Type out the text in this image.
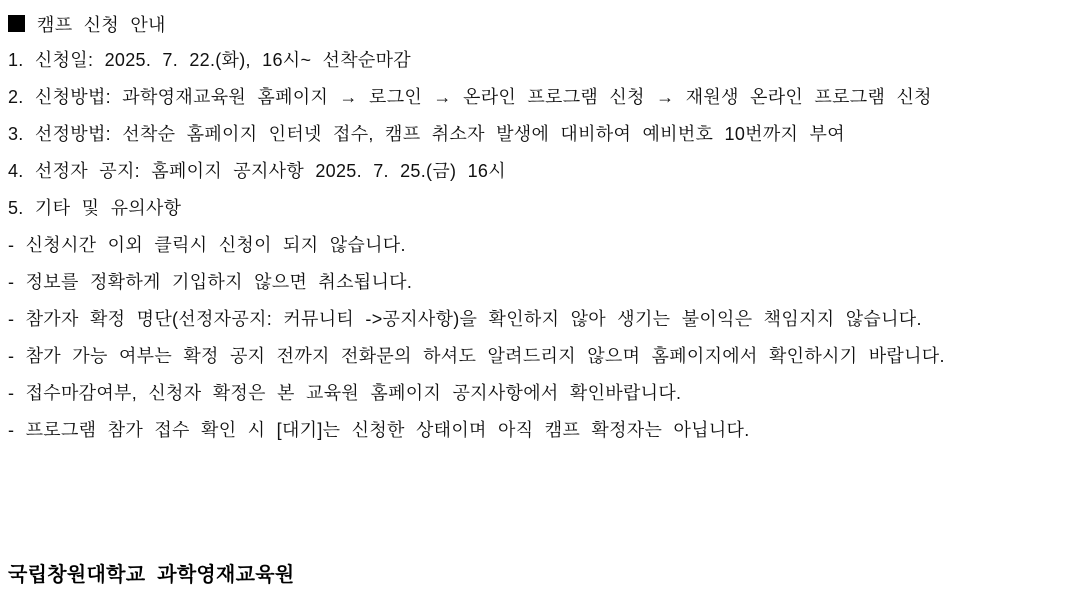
캠프 신청 안내
1. 신청일: 2025. 7. 22.(화), 16시~ 선착순마감
2. 신청방법: 과학영재교육원 홈페이지 → 로그인 → 온라인 프로그램 신청 → 재원생 온라인 프로그램 신청
3. 선정방법: 선착순 홈페이지 인터넷 접수, 캠프 취소자 발생에 대비하여 예비번호 10번까지 부여
4. 선정자 공지: 홈페이지 공지사항 2025. 7. 25.(금) 16시
5. 기타 및 유의사항
- 신청시간 이외 클릭시 신청이 되지 않습니다.
- 정보를 정확하게 기입하지 않으면 취소됩니다.
- 참가자 확정 명단(선정자공지: 커뮤니티 ->공지사항)을 확인하지 않아 생기는 불이익은 책임지지 않습니다.
- 참가 가능 여부는 확정 공지 전까지 전화문의 하셔도 알려드리지 않으며 홈페이지에서 확인하시기 바랍니다.
- 접수마감여부, 신청자 확정은 본 교육원 홈페이지 공지사항에서 확인바랍니다.
- 프로그램 참가 접수 확인 시 [대기]는 신청한 상태이며 아직 캠프 확정자는 아닙니다.
국립창원대학교 과학영재교육원
